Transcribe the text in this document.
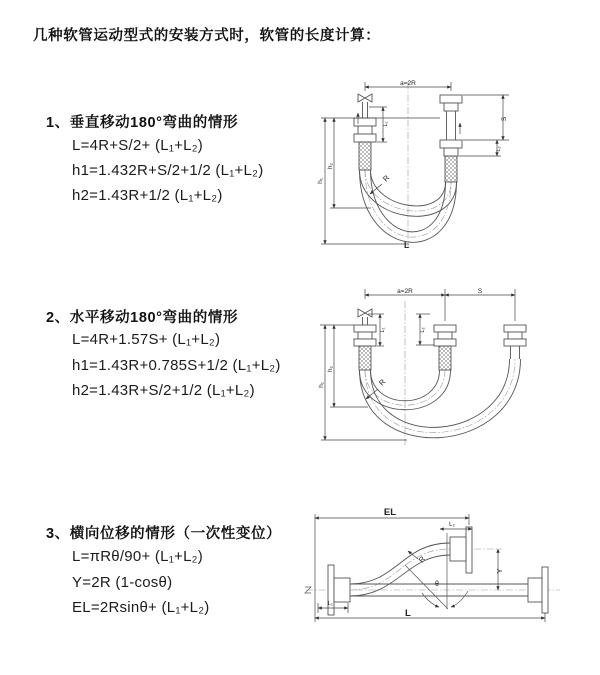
几种软管运动型式的安装方式时，软管的长度计算：
1、垂直移动180°弯曲的情形
L=4R+S/2+ (L₁+L₂)
h1=1.432R+S/2+1/2 (L₁+L₂)
h2=1.43R+1/2 (L₁+L₂)
a=2R
h₁
h₂
L₁
S
L₂
R
L
2、水平移动180°弯曲的情形
L=4R+1.57S+ (L₁+L₂)
h1=1.43R+0.785S+1/2 (L₁+L₂)
h2=1.43R+S/2+1/2 (L₁+L₂)
a=2R	S
h₁
h₂
L₁	L₂
R
3、横向位移的情形（一次性变位）
L=πRθ/90+ (L₁+L₂)
Y=2R (1-cosθ)
EL=2Rsinθ+ (L₁+L₂)
EL
L₂
Y
θ
R
L₁
L
